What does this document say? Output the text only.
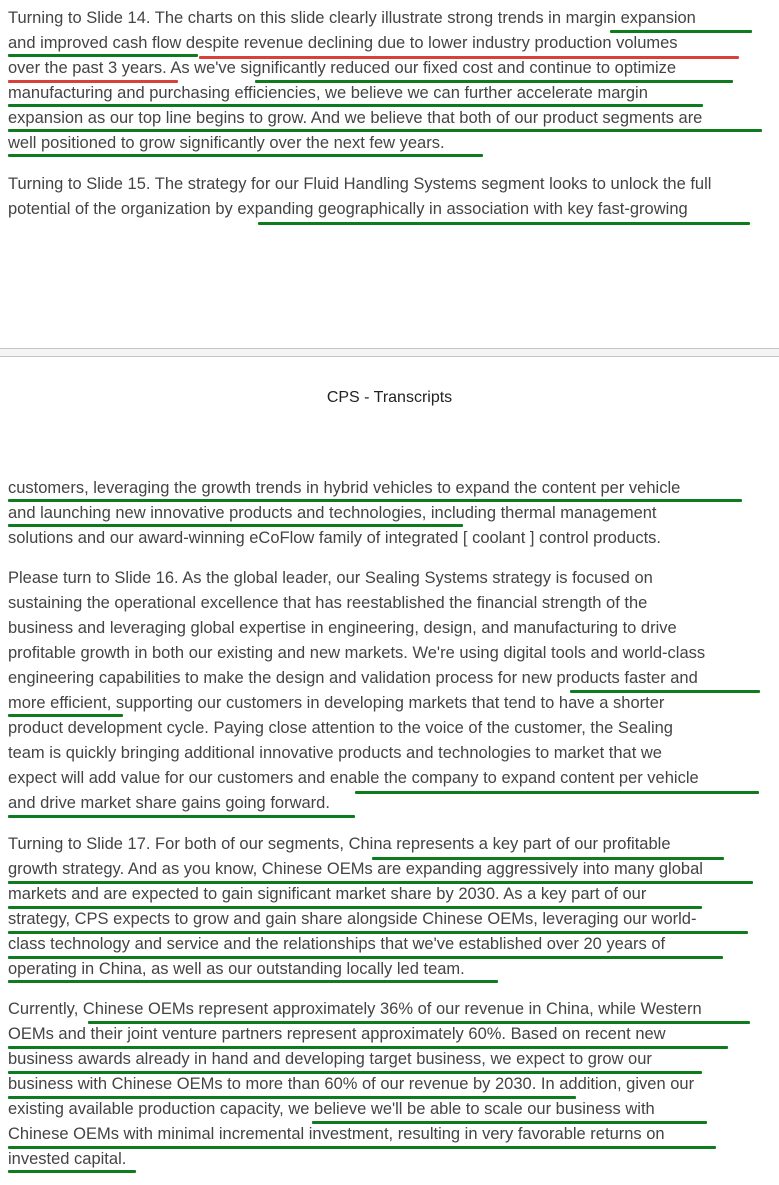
Turning to Slide 14. The charts on this slide clearly illustrate strong trends in margin expansion
and improved cash flow despite revenue declining due to lower industry production volumes
over the past 3 years. As we've significantly reduced our fixed cost and continue to optimize
manufacturing and purchasing efficiencies, we believe we can further accelerate margin
expansion as our top line begins to grow. And we believe that both of our product segments are
well positioned to grow significantly over the next few years.
Turning to Slide 15. The strategy for our Fluid Handling Systems segment looks to unlock the full
potential of the organization by expanding geographically in association with key fast-growing
CPS - Transcripts
customers, leveraging the growth trends in hybrid vehicles to expand the content per vehicle
and launching new innovative products and technologies, including thermal management
solutions and our award-winning eCoFlow family of integrated [ coolant ] control products.
Please turn to Slide 16. As the global leader, our Sealing Systems strategy is focused on
sustaining the operational excellence that has reestablished the financial strength of the
business and leveraging global expertise in engineering, design, and manufacturing to drive
profitable growth in both our existing and new markets. We're using digital tools and world-class
engineering capabilities to make the design and validation process for new products faster and
more efficient, supporting our customers in developing markets that tend to have a shorter
product development cycle. Paying close attention to the voice of the customer, the Sealing
team is quickly bringing additional innovative products and technologies to market that we
expect will add value for our customers and enable the company to expand content per vehicle
and drive market share gains going forward.
Turning to Slide 17. For both of our segments, China represents a key part of our profitable
growth strategy. And as you know, Chinese OEMs are expanding aggressively into many global
markets and are expected to gain significant market share by 2030. As a key part of our
strategy, CPS expects to grow and gain share alongside Chinese OEMs, leveraging our world-
class technology and service and the relationships that we've established over 20 years of
operating in China, as well as our outstanding locally led team.
Currently, Chinese OEMs represent approximately 36% of our revenue in China, while Western
OEMs and their joint venture partners represent approximately 60%. Based on recent new
business awards already in hand and developing target business, we expect to grow our
business with Chinese OEMs to more than 60% of our revenue by 2030. In addition, given our
existing available production capacity, we believe we'll be able to scale our business with
Chinese OEMs with minimal incremental investment, resulting in very favorable returns on
invested capital.
